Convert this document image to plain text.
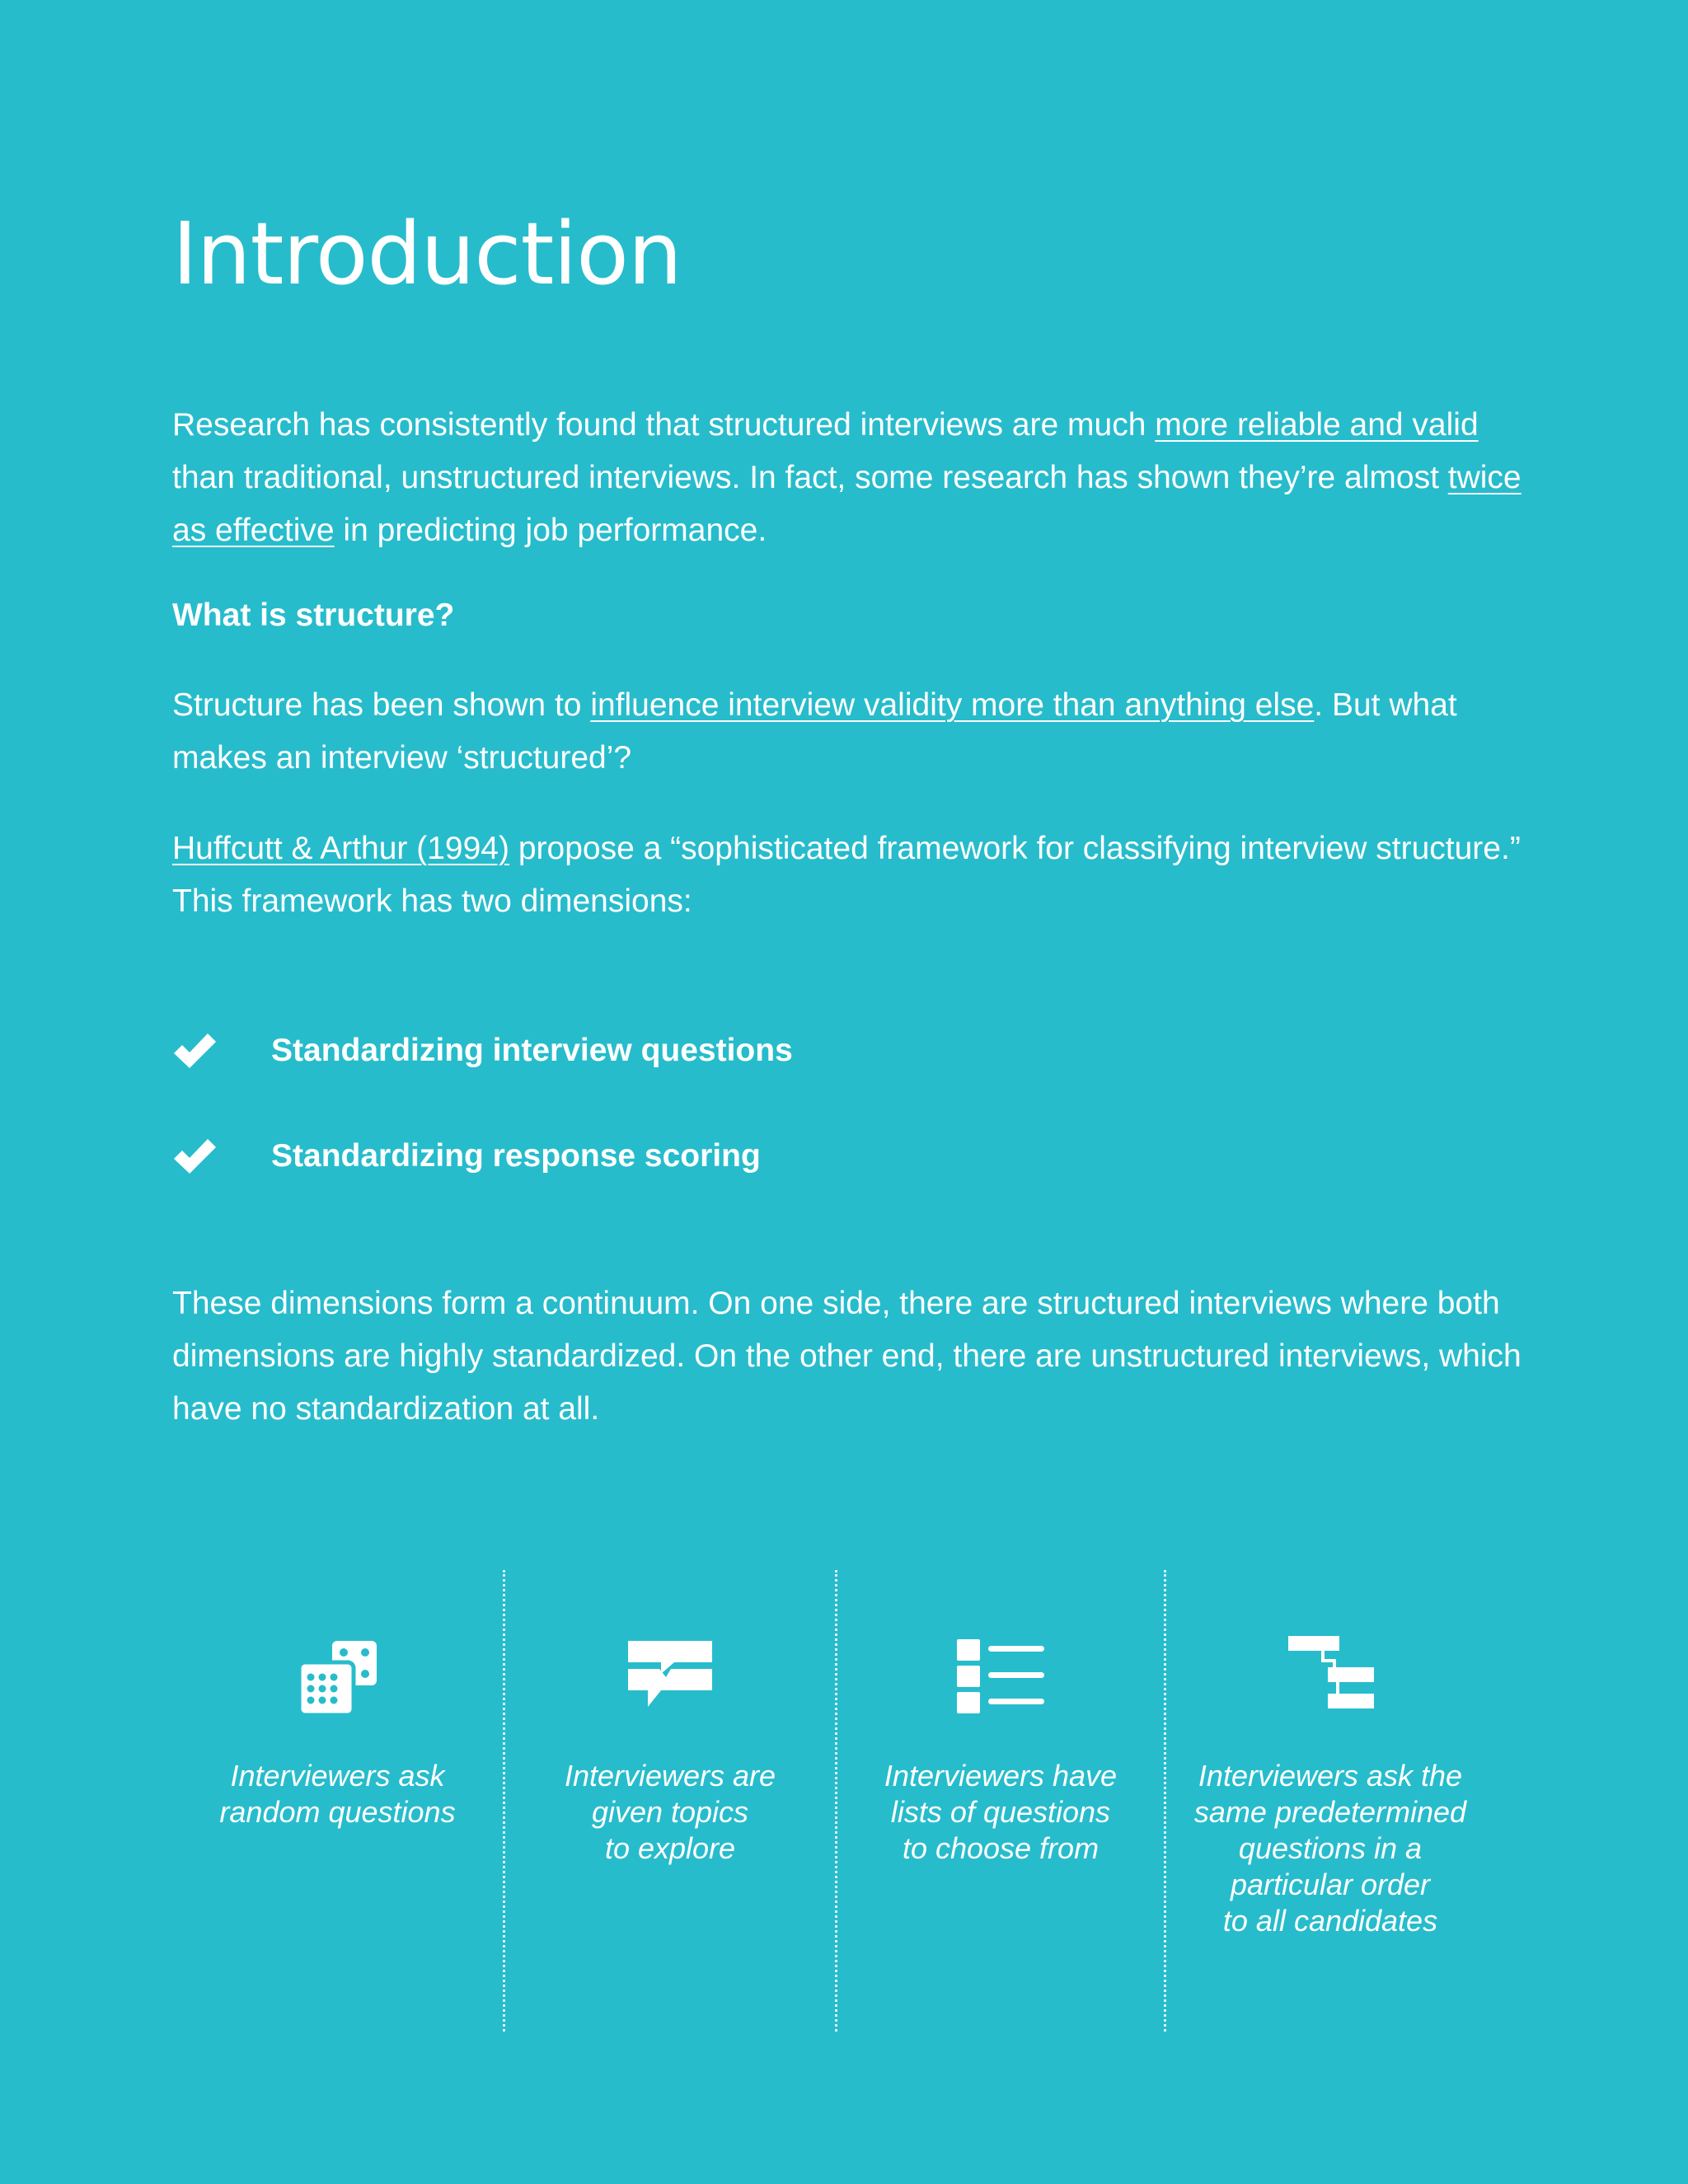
Introduction

Research has consistently found that structured interviews are much more reliable and valid than traditional, unstructured interviews. In fact, some research has shown they’re almost twice as effective in predicting job performance.

What is structure?

Structure has been shown to influence interview validity more than anything else. But what makes an interview ‘structured’?

Huffcutt & Arthur (1994) propose a “sophisticated framework for classifying interview structure.” This framework has two dimensions:

Standardizing interview questions
Standardizing response scoring

These dimensions form a continuum. On one side, there are structured interviews where both dimensions are highly standardized. On the other end, there are unstructured interviews, which have no standardization at all.

Interviewers ask
random questions
Interviewers are
given topics
to explore
Interviewers have
lists of questions
to choose from
Interviewers ask the
same predetermined
questions in a
particular order
to all candidates
